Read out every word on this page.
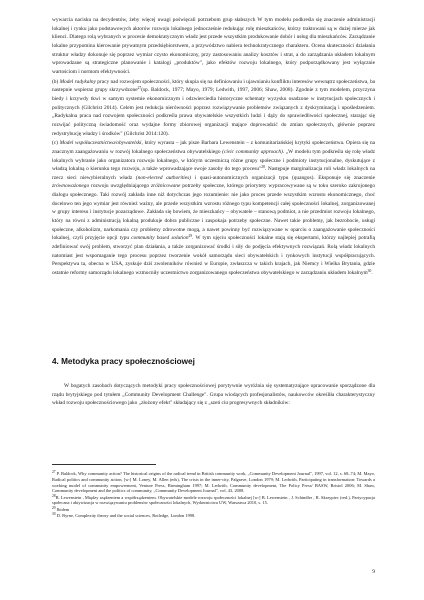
wywarcia nacisku na decydentów, żeby więcej uwagi poświęcali potrzebom grup słabszych W tym modelu podkreśla się znaczenie administracji lokalnej i rynku jako podstawowych aktorów rozwoju lokalnego jednocześnie redukując rolę mieszkańców, którzy traktowani są w dużej mierze jak klienci. Dlatego rolą wybranych w procesie demokratycznym władz jest przede wszystkim produkowanie dobór i usług dla mieszkańców. Zarządzanie lokalne przypomina kierowanie prywatnym przedsiębiorstwem, a przywództwo nabiera technokratycznego charakteru. Ocena skuteczności działania struktur władzy dokonuje się poprzez wymiar czysto ekonomiczny, przy zastosowaniu analizy kosztów i strat, a do zarządzania układem lokalnym wprowadzane są strategiczne planowanie i katalogi „produktów", jako efektów rozwoju lokalnego, który podporządkowany jest wyłącznie wartościom i normom efektywności.

(b) Model radykalny pracy nad rozwojem społeczności, który skupia się na definiowaniu i ujawnianiu konfliktu interesów wewnątrz społeczeństwa, ba nastepnie wspieraz grupy skrzywdzone$^{27}$(sp. Baldock, 1977; Mayo, 1979; Ledwith, 1997, 2006; Shaw, 2008). Zgodnie z tym modelem, przyczyna biedy i krzywdy tkwi w samym systemie ekonomicznym i odzwierciedla historyczne schematy wyzysku osadzone w instytucjach społecznych i politycznych (Gilchrist 2014). Celem jest redukcja nierówności poprzez rozwiązywanie problemów związanych z dyskryminacją i upośledzeniem. „Radykalna praca nad rozwojem społeczności podkreśla prawa obywatelskie wszystkich ludzi i dąży do sprawiedliwości społecznej, starając się rozwijać polityczną świadomość oraz wydajne formy zbiorowej organizacji mające doprowadzić do zmian społecznych, głównie poprzez redystrybucję władzy i środków" (Gilchrist 2014:120).

(c) Model współuczestnictwa/obywatelski, który wyrasta – jak pisze Barbara Lewenstein – z komunitariańskiej krytyki społeczeństwa. Opiera się na znacznym zaangażowaniu w rozwój lokalnego społeczeństwa obywatelskiego (civic community approach). „W modelu tym podkreśla się rolę władz lokalnych wybranie jako organizatora rozwoju lokalnego, w którym uczestniczą różne grupy społeczne i podmioty instytucjonalne, dyskutujące z władzą lokalną o kierunku tego rozwoju, a także wprowadzające swoje zasoby do tego procesu"$^{28}$. Następuje marginalizacja roli władz lokalnych na rzecz sieci niewybieralnych władz (non-elected authorities) i quasi-autonomicznych organizacji typu (quangos). Eksponuje się znaczenie zrównoważonego rozwoju uwzględniającego zróżnicowane potrzeby społeczne, którego priorytety wypracowywane są w toku szeroko zakrojonego dialogu społecznego. Taki rozwój zakłada inne niż dotychczas jego rozumienie: nie jako proces przede wszystkim wzrostu ekonomicznego, choć docelowo ten jego wymiar jest również ważny, ale przede wszystkim wzrostu różnego typu kompetencji całej społeczności lokalnej, zorganizowanej w grupy interesu i instytucje pozarządowe. Zakłada się bowiem, że mieszkańcy – obywatele – stanową podmiot, a nie przedmiot rozwoju lokalnego, który na równi z administracją lokalną produkuje dobra publiczne i zaspokaja potrzeby społeczne. Nawet takie problemy, jak bezrobocie, usługi społeczne, alkoholizm, narkomania czy problemy zdrowotne mogą, a nawet powinny być rozwiązywane w oparciu o zaangażowanie społeczności lokalnej, czyli przyjęcie opcji typu community based solution$^{29}$. W tym ujęciu społeczności lokalne stają się ekspertami, którzy najlepiej potrafią zdefiniować swój problem, stworzyć plan działania, a także zorganizować środki i siły do podjęcia efektywnych rozwiązań. Rolą władz lokalnych natomiast jest wspomaganie tego procesu poprzez tworzenie wokół samorządu sieci obywatelskich i rynkowych instytucji współpracujących. Perspektywa ta, obecna w USA, zyskuje dziś zwolenników również w Europie, zwłaszcza w takich krajach, jak Niemcy i Wielka Brytania, gdzie ostatnie reformy samorządu lokalnego wzmocniły uczestnictwo zorganizowanego społeczeństwa obywatelskiego w zarządzaniu układem lokalnym$^{30}$.

4. Metodyka pracy społecznościowej

W bogatych zasobach dotyczących metodyki pracy społecznościowej porytywnie wyróżnia się systematyzujące opracowanie sporządzone dla rządu brytyjskiego pod tytułem „Community Development Challenge". Grupa wiodących profesjonalistów, naukowców określiła charakterystyczny wkład rozwoju społecznościowego jako „złożony efekt" składający się z „szeń ciu progresywnych składników:

$^{27}$ P. Baldock, Why community action? The historical origins of the radical trend in British community work, „Community Development Journal", 1997, vol. 12, s. 68–74; M. Mayo, Radical politics and community action, [w:] M. Loney, M. Allen (eds), The crisis in the inner-city, Palgrave, London 1979; M. Ledwith, Participating in transformation: Towards a working model of community empowerment, Venture Press, Birmingham 1997; M. Ledwith, Community development, The Policy Press/ BASW, Bristol 2006; M. Shaw, Community development and the politics of community, „Community Development Journal", vol. 43, 2008.

$^{28}$B. Lewenstein , Między rządzeniem a współrządzeniem. Obywatelskie modele rozwoju społeczności lokalnej [w:] B. Lewenstein , J. Schindler , R. Skrzypiec (red.), Partycypacja społeczna i aktywizacja w rozwiązywaniu problemów społeczności lokalnych, Wydawnictwa UW, Warszawa 2010, s. 15.

$^{29}$ Ibidem

$^{30}$ D. Byrne, Complexity theory and the social sciences, Rotledge, London 1998.

9
